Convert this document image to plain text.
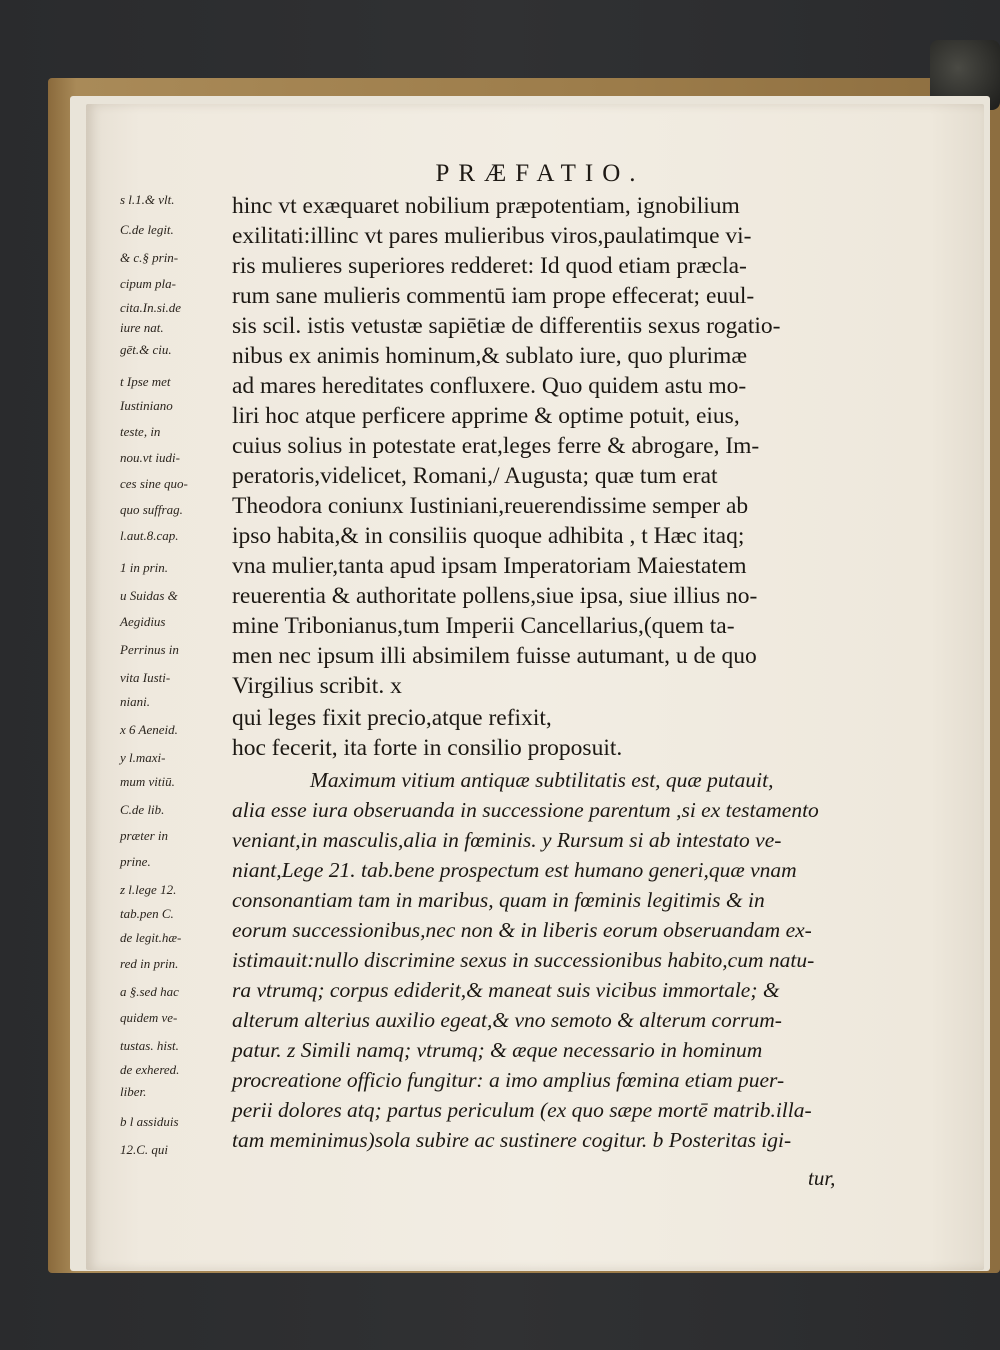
PRÆFATIO.
s l.1.& vlt.
C.de legit.
& c.§ prin-
cipum pla-
cita.In.si.de
iure nat.
gēt.& ciu.
t Ipse met
Iustiniano
teste, in
nou.vt iudi-
ces sine quo-
quo suffrag.
l.aut.8.cap.
1 in prin.
u Suidas &
Aegidius
Perrinus in
vita Iusti-
niani.
x 6 Aeneid.
y l.maxi-
mum vitiū.
C.de lib.
præter in
prine.
z l.lege 12.
tab.pen C.
de legit.hæ-
red in prin.
a §.sed hac
quidem ve-
tustas. hist.
de exhered.
liber.
b l assiduis
12.C. qui
hinc vt exæquaret nobilium præpotentiam, ignobilium
exilitati:illinc vt pares mulieribus viros,paulatimque vi-
ris mulieres superiores redderet: Id quod etiam præcla-
rum sane mulieris commentū iam prope effecerat; euul-
sis scil. istis vetustæ sapiētiæ de differentiis sexus rogatio-
nibus ex animis hominum,& sublato iure, quo plurimæ
ad mares hereditates confluxere. Quo quidem astu mo-
liri hoc atque perficere apprime & optime potuit, eius,
cuius solius in potestate erat,leges ferre & abrogare, Im-
peratoris,videlicet, Romani,/ Augusta; quæ tum erat
Theodora coniunx Iustiniani,reuerendissime semper ab
ipso habita,& in consiliis quoque adhibita , t Hæc itaq;
vna mulier,tanta apud ipsam Imperatoriam Maiestatem
reuerentia & authoritate pollens,siue ipsa, siue illius no-
mine Tribonianus,tum Imperii Cancellarius,(quem ta-
men nec ipsum illi absimilem fuisse autumant, u de quo
Virgilius scribit. x
qui leges fixit precio,atque refixit,
hoc fecerit, ita forte in consilio proposuit.
Maximum vitium antiquæ subtilitatis est, quæ putauit,
alia esse iura obseruanda in successione parentum ,si ex testamento
veniant,in masculis,alia in fœminis. y Rursum si ab intestato ve-
niant,Lege 21. tab.bene prospectum est humano generi,quæ vnam
consonantiam tam in maribus, quam in fœminis legitimis & in
eorum successionibus,nec non & in liberis eorum obseruandam ex-
istimauit:nullo discrimine sexus in successionibus habito,cum natu-
ra vtrumq; corpus ediderit,& maneat suis vicibus immortale; &
alterum alterius auxilio egeat,& vno semoto & alterum corrum-
patur. z Simili namq; vtrumq; & æque necessario in hominum
procreatione officio fungitur: a imo amplius fœmina etiam puer-
perii dolores atq; partus periculum (ex quo sæpe mortē matrib.illa-
tam meminimus)sola subire ac sustinere cogitur. b Posteritas igi-
tur,
